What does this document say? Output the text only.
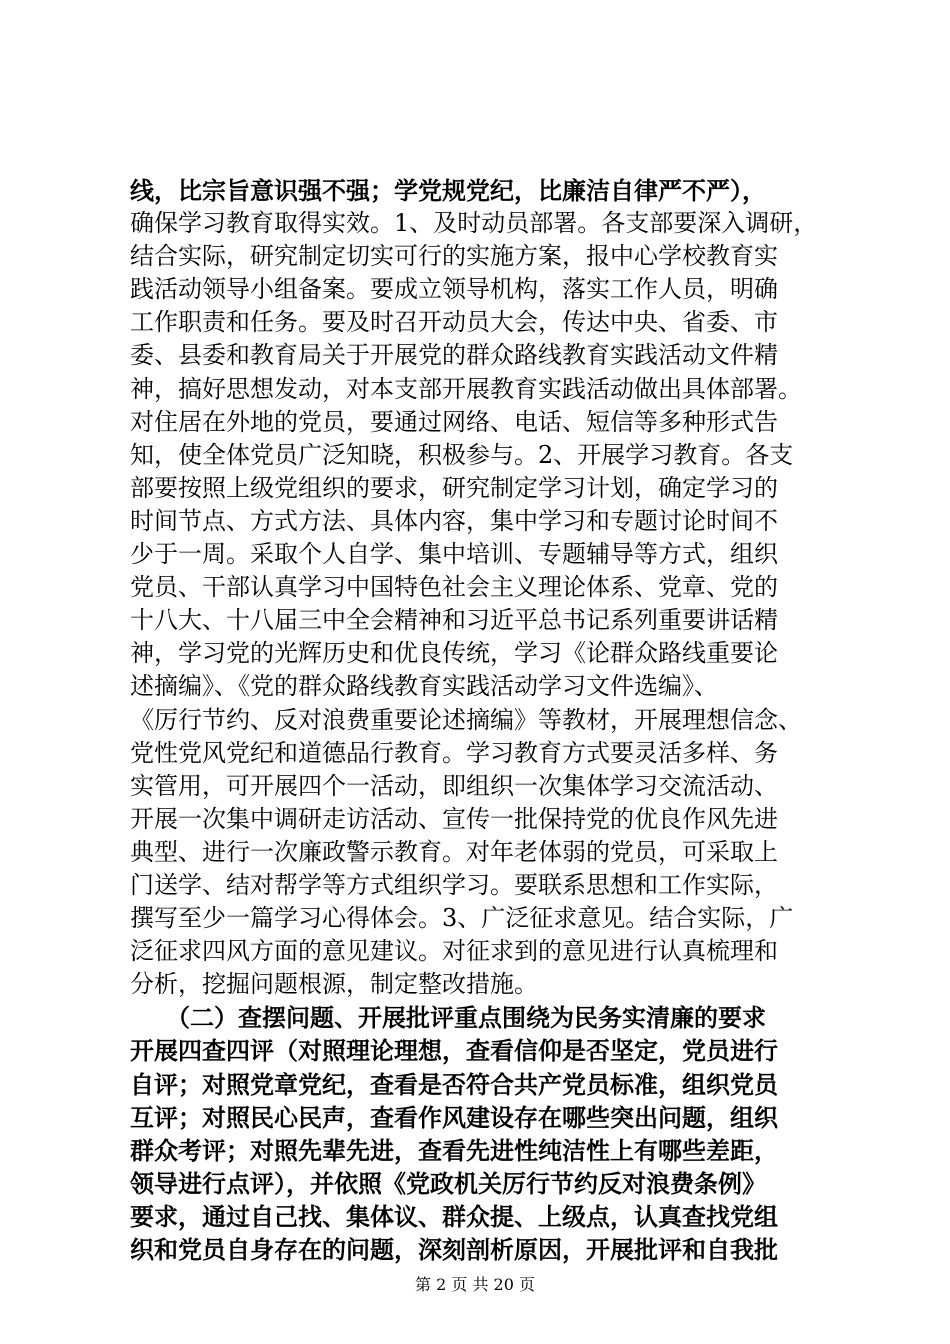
线，比宗旨意识强不强；学党规党纪，比廉洁自律严不严），
确保学习教育取得实效。1、及时动员部署。各支部要深入调研，
结合实际，研究制定切实可行的实施方案，报中心学校教育实
践活动领导小组备案。要成立领导机构，落实工作人员，明确
工作职责和任务。要及时召开动员大会，传达中央、省委、市
委、县委和教育局关于开展党的群众路线教育实践活动文件精
神，搞好思想发动，对本支部开展教育实践活动做出具体部署。
对住居在外地的党员，要通过网络、电话、短信等多种形式告
知，使全体党员广泛知晓，积极参与。2、开展学习教育。各支
部要按照上级党组织的要求，研究制定学习计划，确定学习的
时间节点、方式方法、具体内容，集中学习和专题讨论时间不
少于一周。采取个人自学、集中培训、专题辅导等方式，组织
党员、干部认真学习中国特色社会主义理论体系、党章、党的
十八大、十八届三中全会精神和习近平总书记系列重要讲话精
神，学习党的光辉历史和优良传统，学习《论群众路线重要论
述摘编》、《党的群众路线教育实践活动学习文件选编》、
《厉行节约、反对浪费重要论述摘编》等教材，开展理想信念、
党性党风党纪和道德品行教育。学习教育方式要灵活多样、务
实管用，可开展四个一活动，即组织一次集体学习交流活动、
开展一次集中调研走访活动、宣传一批保持党的优良作风先进
典型、进行一次廉政警示教育。对年老体弱的党员，可采取上
门送学、结对帮学等方式组织学习。要联系思想和工作实际，
撰写至少一篇学习心得体会。3、广泛征求意见。结合实际，广
泛征求四风方面的意见建议。对征求到的意见进行认真梳理和
分析，挖掘问题根源，制定整改措施。
　　（二）查摆问题、开展批评重点围绕为民务实清廉的要求
开展四查四评（对照理论理想，查看信仰是否坚定，党员进行
自评；对照党章党纪，查看是否符合共产党员标准，组织党员
互评；对照民心民声，查看作风建设存在哪些突出问题，组织
群众考评；对照先辈先进，查看先进性纯洁性上有哪些差距，
领导进行点评），并依照《党政机关厉行节约反对浪费条例》
要求，通过自己找、集体议、群众提、上级点，认真查找党组
织和党员自身存在的问题，深刻剖析原因，开展批评和自我批
第 2 页 共 20 页
